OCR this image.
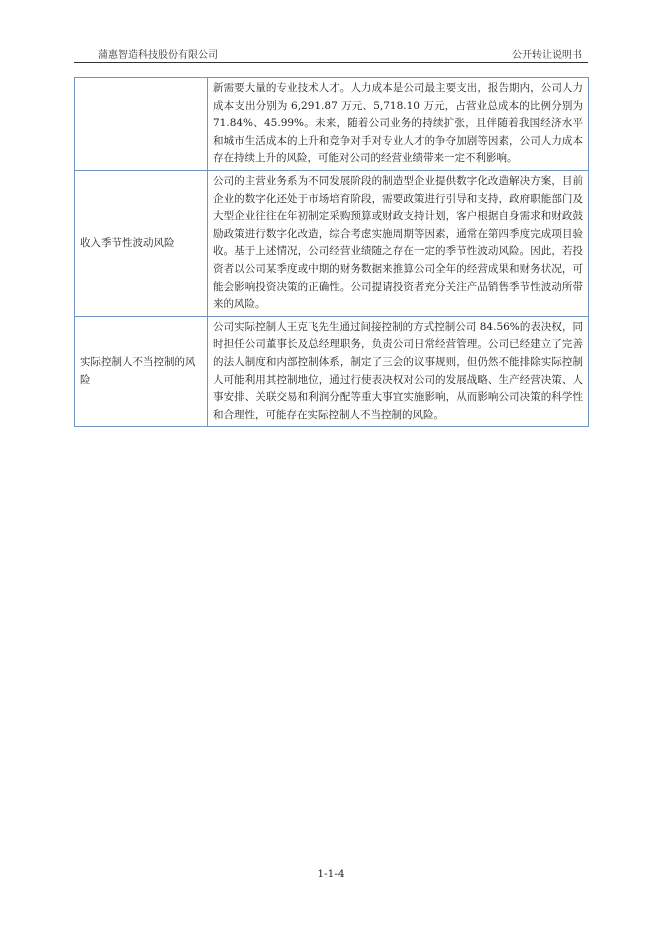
蒲惠智造科技股份有限公司	公开转让说明书
	新需要大量的专业技术人才。人力成本是公司最主要支出，报告期内，公司人力成本支出分别为 6,291.87 万元、5,718.10 万元，占营业总成本的比例分别为 71.84%、45.99%。未来，随着公司业务的持续扩张，且伴随着我国经济水平和城市生活成本的上升和竞争对手对专业人才的争夺加剧等因素，公司人力成本存在持续上升的风险，可能对公司的经营业绩带来一定不利影响。
收入季节性波动风险	公司的主营业务系为不同发展阶段的制造型企业提供数字化改造解决方案，目前企业的数字化还处于市场培育阶段，需要政策进行引导和支持，政府职能部门及大型企业往往在年初制定采购预算或财政支持计划，客户根据自身需求和财政鼓励政策进行数字化改造，综合考虑实施周期等因素，通常在第四季度完成项目验收。基于上述情况，公司经营业绩随之存在一定的季节性波动风险。因此，若投资者以公司某季度或中期的财务数据来推算公司全年的经营成果和财务状况，可能会影响投资决策的正确性。公司提请投资者充分关注产品销售季节性波动所带来的风险。
实际控制人不当控制的风险	公司实际控制人王克飞先生通过间接控制的方式控制公司 84.56%的表决权，同时担任公司董事长及总经理职务，负责公司日常经营管理。公司已经建立了完善的法人制度和内部控制体系，制定了三会的议事规则，但仍然不能排除实际控制人可能利用其控制地位，通过行使表决权对公司的发展战略、生产经营决策、人事安排、关联交易和利润分配等重大事宜实施影响，从而影响公司决策的科学性和合理性，可能存在实际控制人不当控制的风险。
1-1-4
